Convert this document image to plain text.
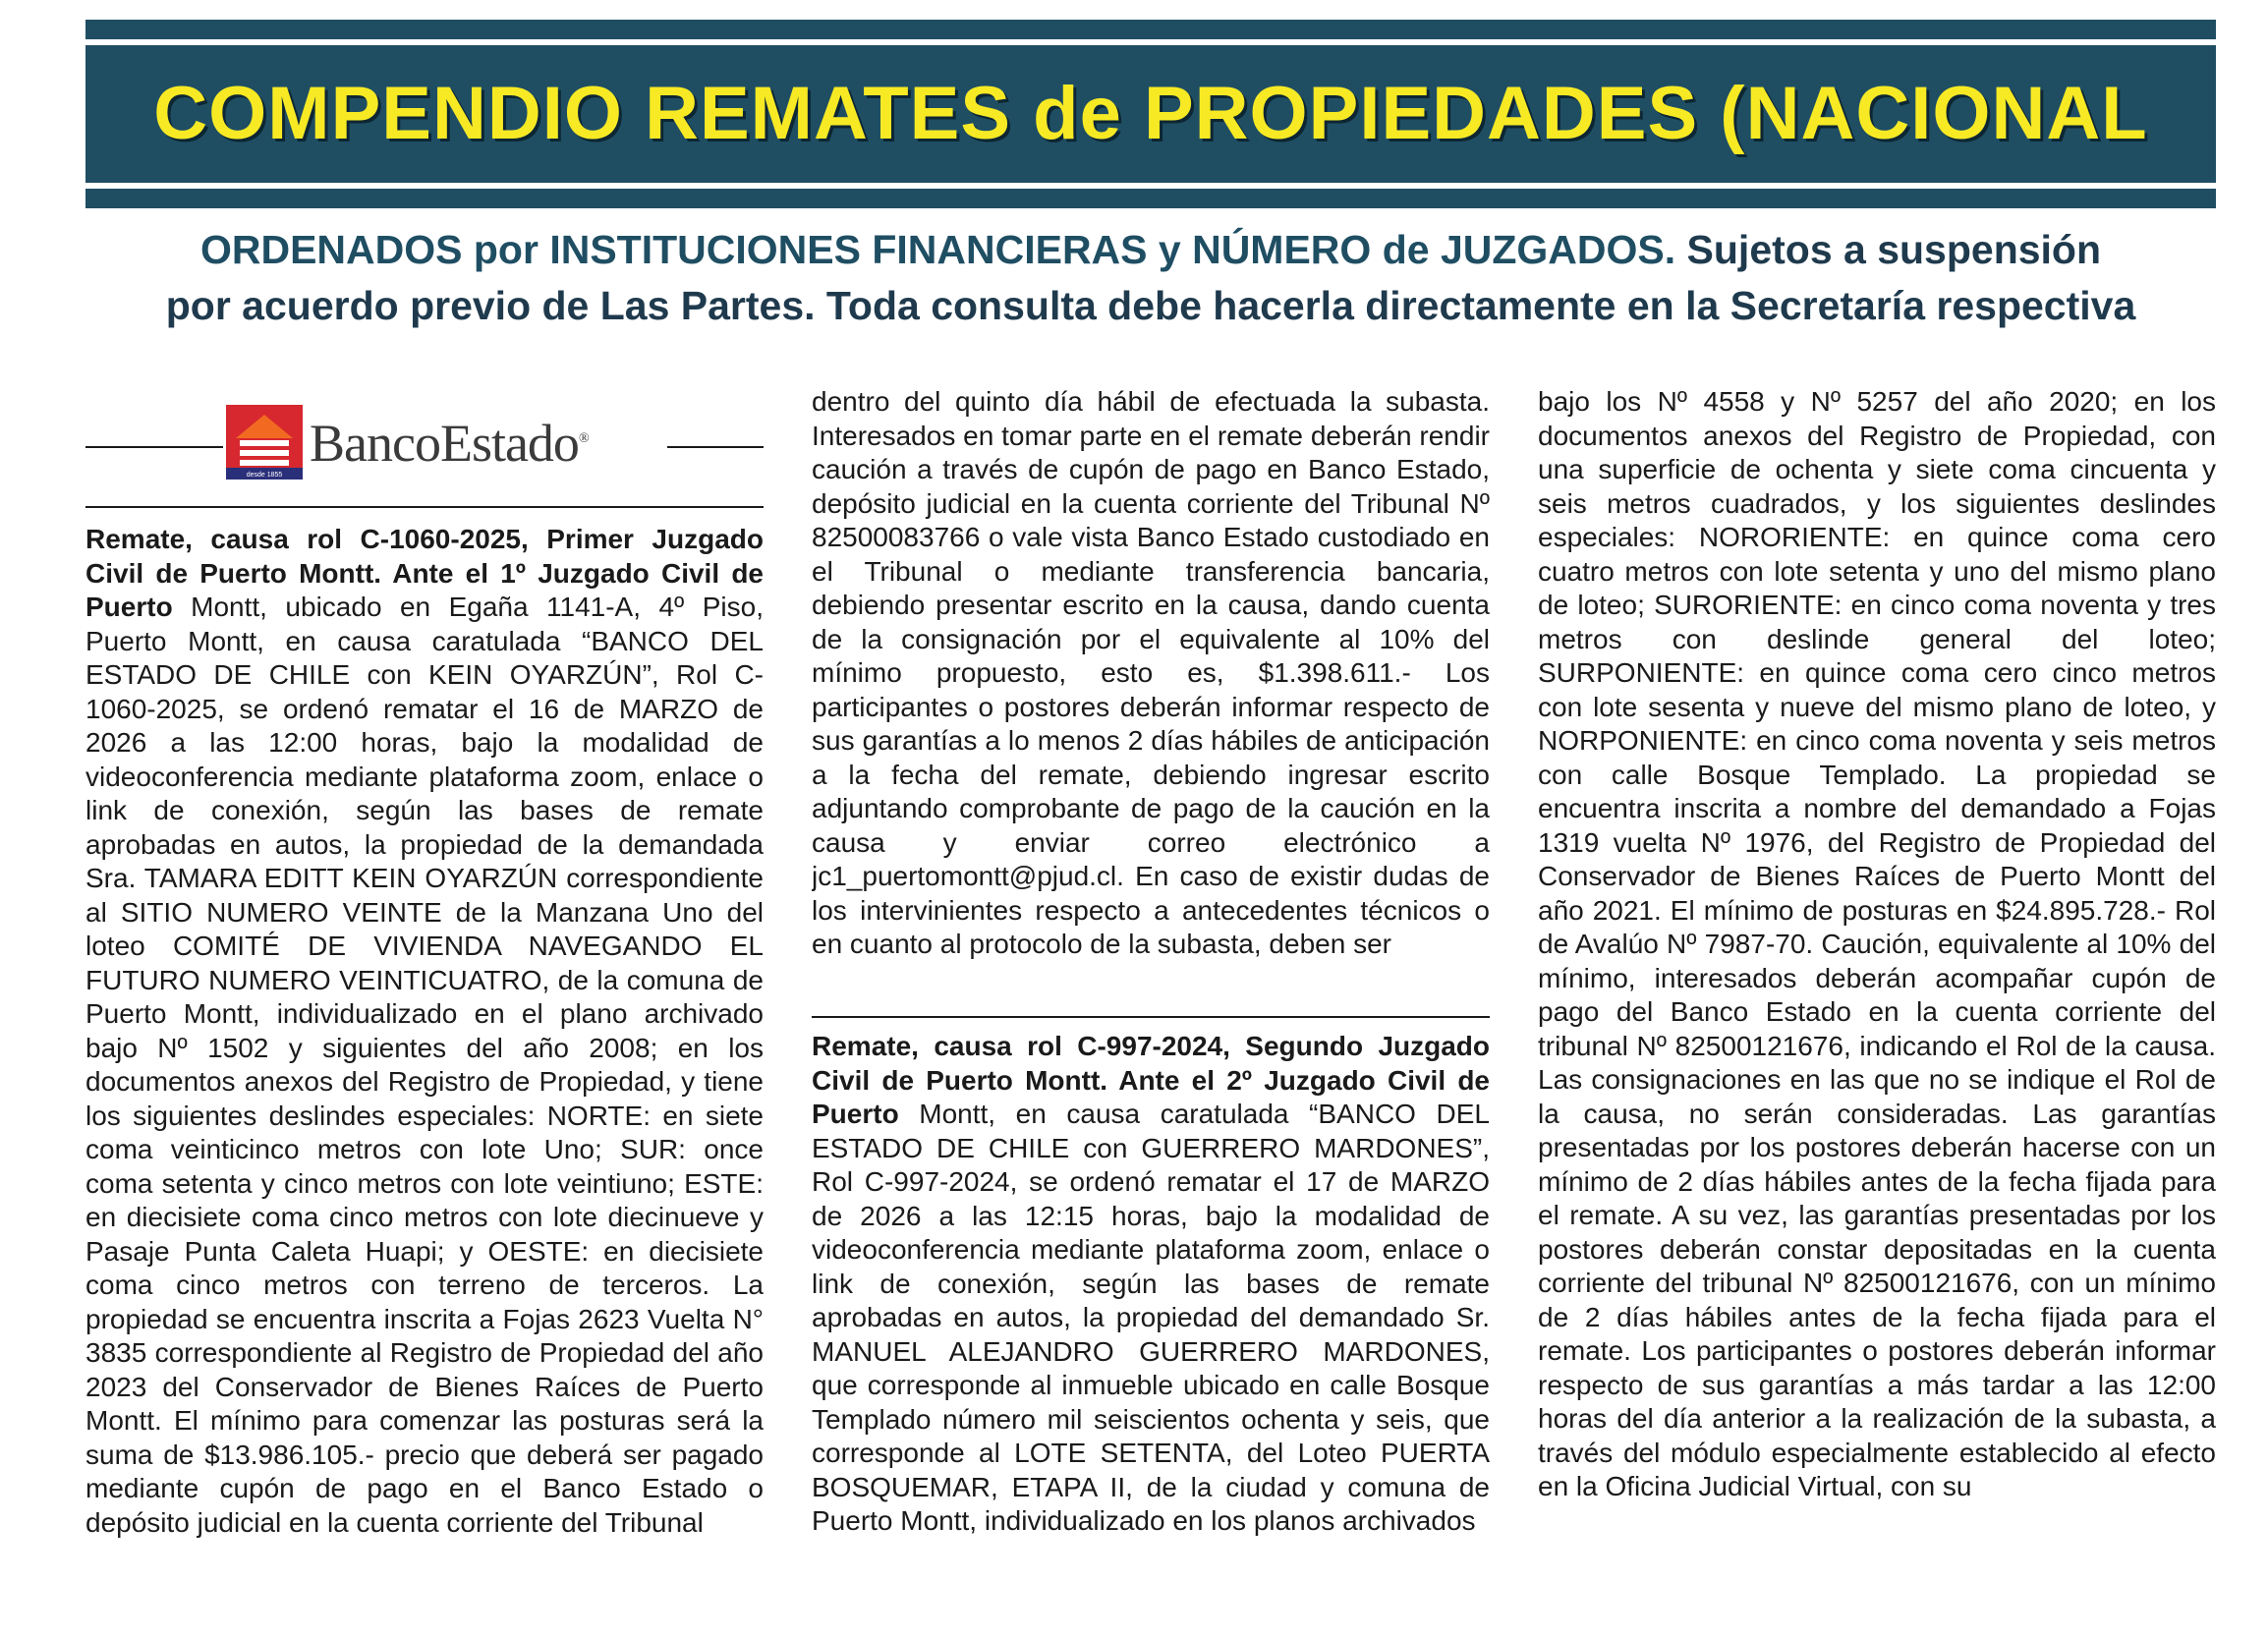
COMPENDIO REMATES de PROPIEDADES (NACIONAL
ORDENADOS por INSTITUCIONES FINANCIERAS y NÚMERO de JUZGADOS. Sujetos a suspensión
por acuerdo previo de Las Partes. Toda consulta debe hacerla directamente en la Secretaría respectiva
desde 1855
BancoEstado®

Remate, causa rol C-1060-2025, Primer Juzgado Civil de Puerto Montt. Ante el 1º Juzgado Civil de Puerto Montt, ubicado en Egaña 1141-A, 4º Piso, Puerto Montt, en causa caratulada “BANCO DEL ESTADO DE CHILE con KEIN OYARZÚN”, Rol C-1060-2025, se ordenó rematar el 16 de MARZO de 2026 a las 12:00 horas, bajo la modalidad de videoconferencia mediante plataforma zoom, enlace o link de conexión, según las bases de remate aprobadas en autos, la propiedad de la demandada Sra. TAMARA EDITT KEIN OYARZÚN correspondiente al SITIO NUMERO VEINTE de la Manzana Uno del loteo COMITÉ DE VIVIENDA NAVEGANDO EL FUTURO NUMERO VEINTICUATRO, de la comuna de Puerto Montt, individualizado en el plano archivado bajo Nº 1502 y siguientes del año 2008; en los documentos anexos del Registro de Propiedad, y tiene los siguientes deslindes especiales: NORTE: en siete coma veinticinco metros con lote Uno; SUR: once coma setenta y cinco metros con lote veintiuno; ESTE: en diecisiete coma cinco metros con lote diecinueve y Pasaje Punta Caleta Huapi; y OESTE: en diecisiete coma cinco metros con terreno de terceros. La propiedad se encuentra inscrita a Fojas 2623 Vuelta N° 3835 correspondiente al Registro de Propiedad del año 2023 del Conservador de Bienes Raíces de Puerto Montt. El mínimo para comenzar las posturas será la suma de $13.986.105.- precio que deberá ser pagado mediante cupón de pago en el Banco Estado o depósito judicial en la cuenta corriente del Tribunal

dentro del quinto día hábil de efectuada la subasta. Interesados en tomar parte en el remate deberán rendir caución a través de cupón de pago en Banco Estado, depósito judicial en la cuenta corriente del Tribunal Nº 82500083766 o vale vista Banco Estado custodiado en el Tribunal o mediante transferencia bancaria, debiendo presentar escrito en la causa, dando cuenta de la consignación por el equivalente al 10% del mínimo propuesto, esto es, $1.398.611.- Los participantes o postores deberán informar respecto de sus garantías a lo menos 2 días hábiles de anticipación a la fecha del remate, debiendo ingresar escrito adjuntando comprobante de pago de la caución en la causa y enviar correo electrónico a jc1_puertomontt@pjud.cl. En caso de existir dudas de los intervinientes respecto a antecedentes técnicos o en cuanto al protocolo de la subasta, deben ser

Remate, causa rol C-997-2024, Segundo Juzgado Civil de Puerto Montt. Ante el 2º Juzgado Civil de Puerto Montt, en causa caratulada “BANCO DEL ESTADO DE CHILE con GUERRERO MARDONES”, Rol C-997-2024, se ordenó rematar el 17 de MARZO de 2026 a las 12:15 horas, bajo la modalidad de videoconferencia mediante plataforma zoom, enlace o link de conexión, según las bases de remate aprobadas en autos, la propiedad del demandado Sr. MANUEL ALEJANDRO GUERRERO MARDONES, que corresponde al inmueble ubicado en calle Bosque Templado número mil seiscientos ochenta y seis, que corresponde al LOTE SETENTA, del Loteo PUERTA BOSQUEMAR, ETAPA II, de la ciudad y comuna de Puerto Montt, individualizado en los planos archivados

bajo los Nº 4558 y Nº 5257 del año 2020; en los documentos anexos del Registro de Propiedad, con una superficie de ochenta y siete coma cincuenta y seis metros cuadrados, y los siguientes deslindes especiales: NORORIENTE: en quince coma cero cuatro metros con lote setenta y uno del mismo plano de loteo; SURORIENTE: en cinco coma noventa y tres metros con deslinde general del loteo; SURPONIENTE: en quince coma cero cinco metros con lote sesenta y nueve del mismo plano de loteo, y NORPONIENTE: en cinco coma noventa y seis metros con calle Bosque Templado. La propiedad se encuentra inscrita a nombre del demandado a Fojas 1319 vuelta Nº 1976, del Registro de Propiedad del Conservador de Bienes Raíces de Puerto Montt del año 2021. El mínimo de posturas en $24.895.728.- Rol de Avalúo Nº 7987-70. Caución, equivalente al 10% del mínimo, interesados deberán acompañar cupón de pago del Banco Estado en la cuenta corriente del tribunal Nº 82500121676, indicando el Rol de la causa. Las consignaciones en las que no se indique el Rol de la causa, no serán consideradas. Las garantías presentadas por los postores deberán hacerse con un mínimo de 2 días hábiles antes de la fecha fijada para el remate. A su vez, las garantías presentadas por los postores deberán constar depositadas en la cuenta corriente del tribunal Nº 82500121676, con un mínimo de 2 días hábiles antes de la fecha fijada para el remate. Los participantes o postores deberán informar respecto de sus garantías a más tardar a las 12:00 horas del día anterior a la realización de la subasta, a través del módulo especialmente establecido al efecto en la Oficina Judicial Virtual, con su
